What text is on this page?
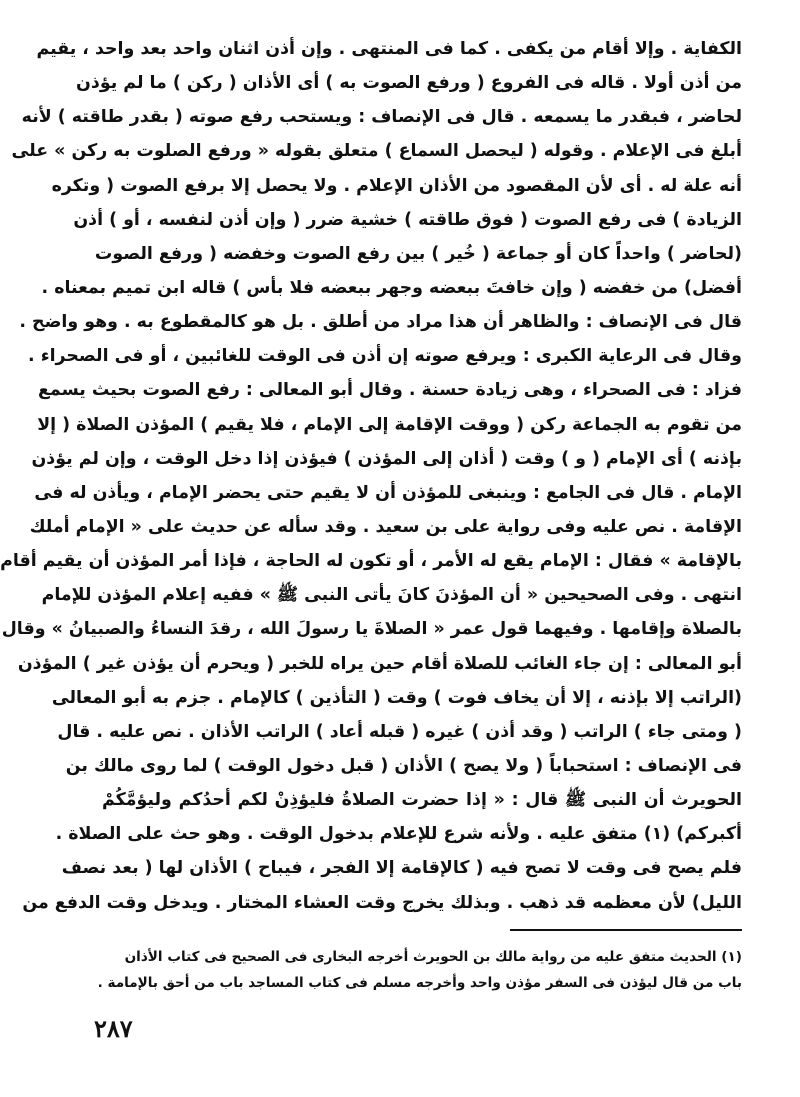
الكفاية . وإلا أقام من يكفى . كما فى المنتهى . وإن أذن اثنان واحد بعد واحد ، يقيم
من أذن أولا . قاله فى الفروع ( ورفع الصوت به ) أى الأذان ( ركن ) ما لم يؤذن
لحاضر ، فبقدر ما يسمعه . قال فى الإنصاف : ويستحب رفع صوته ( بقدر طاقته ) لأنه
أبلغ فى الإعلام . وقوله ( ليحصل السماع ) متعلق بقوله « ورفع الصلوت به ركن » على
أنه علة له . أى لأن المقصود من الأذان الإعلام . ولا يحصل إلا برفع الصوت ( وتكره
الزيادة ) فى رفع الصوت ( فوق طاقته ) خشية ضرر ( وإن أذن لنفسه ، أو ) أذن
(لحاضر ) واحداً كان أو جماعة ( خُير ) بين رفع الصوت وخفضه ( ورفع الصوت
أفضل) من خفضه ( وإن خافتَ ببعضه وجهر ببعضه فلا بأس ) قاله ابن تميم بمعناه .
قال فى الإنصاف : والظاهر أن هذا مراد من أطلق . بل هو كالمقطوع به . وهو واضح .
وقال فى الرعاية الكبرى : ويرفع صوته إن أذن فى الوقت للغائبين ، أو فى الصحراء .
فزاد : فى الصحراء ، وهى زيادة حسنة . وقال أبو المعالى : رفع الصوت بحيث يسمع
من تقوم به الجماعة ركن ( ووقت الإقامة إلى الإمام ، فلا يقيم ) المؤذن الصلاة ( إلا
بإذنه ) أى الإمام ( و ) وقت ( أذان إلى المؤذن ) فيؤذن إذا دخل الوقت ، وإن لم يؤذن
الإمام . قال فى الجامع : وينبغى للمؤذن أن لا يقيم حتى يحضر الإمام ، ويأذن له فى
الإقامة . نص عليه وفى رواية على بن سعيد . وقد سأله عن حديث على « الإمام أملك
بالإقامة » فقال : الإمام يقع له الأمر ، أو تكون له الحاجة ، فإذا أمر المؤذن أن يقيم أقام
انتهى . وفى الصحيحين « أن المؤذنَ كانَ يأتى النبى ﷺ » ففيه إعلام المؤذن للإمام
بالصلاة وإقامها . وفيهما قول عمر « الصلاةَ يا رسولَ الله ، رقدَ النساءُ والصبيانُ » وقال
أبو المعالى : إن جاء الغائب للصلاة أقام حين يراه للخبر ( ويحرم أن يؤذن غير ) المؤذن
(الراتب إلا بإذنه ، إلا أن يخاف فوت ) وقت ( التأذين ) كالإمام . جزم به أبو المعالى
( ومتى جاء ) الراتب ( وقد أذن ) غيره ( قبله أعاد ) الراتب الأذان . نص عليه . قال
فى الإنصاف : استحباباً ( ولا يصح ) الأذان ( قبل دخول الوقت ) لما روى مالك بن
الحويرث أن النبى ﷺ قال : « إذا حضرت الصلاةُ فليؤذِنْ لكم أحدُكم وليؤمَّكُمْ
أكبركم) (١) متفق عليه . ولأنه شرع للإعلام بدخول الوقت . وهو حث على الصلاة .
فلم يصح فى وقت لا تصح فيه ( كالإقامة إلا الفجر ، فيباح ) الأذان لها ( بعد نصف
الليل) لأن معظمه قد ذهب . وبذلك يخرج وقت العشاء المختار . ويدخل وقت الدفع من
(١) الحديث متفق عليه من رواية مالك بن الحويرث أخرجه البخارى فى الصحيح فى كتاب الأذان
باب من قال ليؤذن فى السفر مؤذن واحد وأخرجه مسلم فى كتاب المساجد باب من أحق بالإمامة .
٢٨٧
